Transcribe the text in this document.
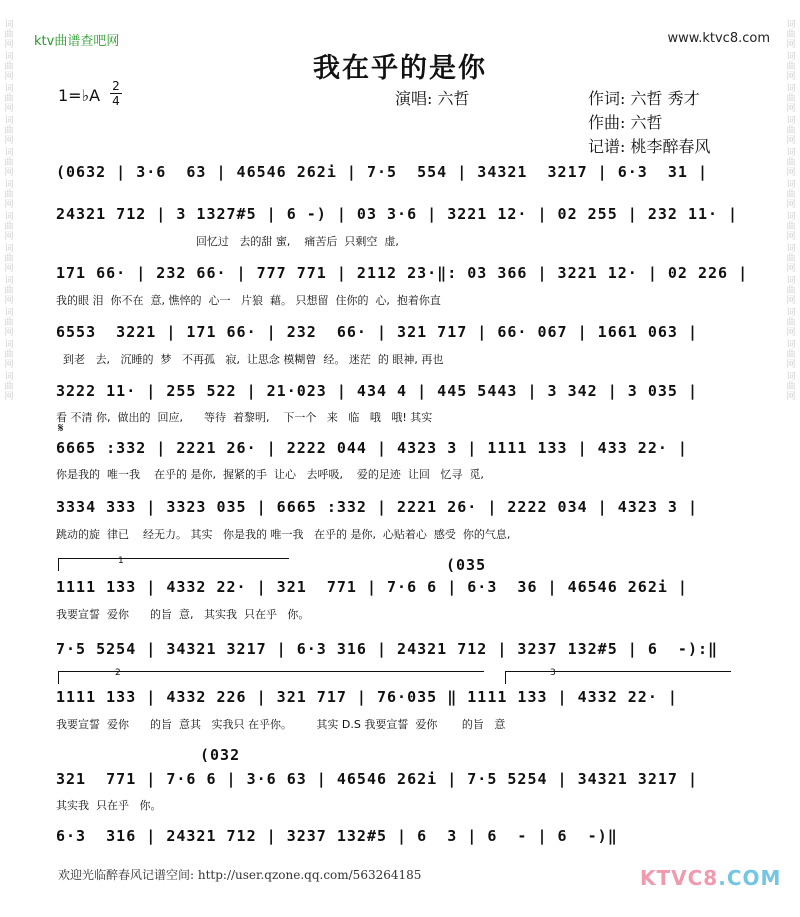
词曲网
词曲网
词曲网
词曲网
词曲网
词曲网
词曲网
词曲网
词曲网
词曲网
词曲网
词曲网
词曲网
词曲网
词曲网
词曲网
词曲网
词曲网
词曲网
词曲网
词曲网
词曲网
词曲网
词曲网
ktv曲谱查吧网	www.ktvc8.com
我在乎的是你
1=♭A 2
4	演唱: 六哲	作词: 六哲 秀才
作曲: 六哲
记谱: 桃李醉春风
(0632 | 3·6  63 | 46546 262i | 7·5  554 | 34321  3217 | 6·3  31 |
24321 712 | 3 1327#5 | 6 -) | 03 3·6 | 3221 12· | 02 255 | 232 11· |
回忆过   去的甜 蜜,    痛苦后  只剩空  虚,
171 66· | 232 66· | 777 771 | 2112 23·‖: 03 366 | 3221 12· | 02 226 |
我的眼 泪  你不在  意, 憔悴的  心一   片狼  藉。 只想留  住你的  心,  抱着你直
6553  3221 | 171 66· | 232  66· | 321 717 | 66· 067 | 1661 063 |
到老   去,   沉睡的  梦   不再孤   寂,  让思念 模糊曾  经。 迷茫  的 眼神, 再也
3222 11· | 255 522 | 21·023 | 434 4 | 445 5443 | 3 342 | 3 035 |
看 不清 你,  做出的  回应,      等待  着黎明,    下一个   来   临   哦   哦! 其实
𝄋
6665 :332 | 2221 26· | 2222 044 | 4323 3 | 1111 133 | 433 22· |
你是我的  唯一我    在乎的 是你,  握紧的手  让心   去呼吸,    爱的足迹  让回   忆寻  觅,
3334 333 | 3323 035 | 6665 :332 | 2221 26· | 2222 034 | 4323 3 |
跳动的旋  律已    经无力。 其实   你是我的 唯一我   在乎的 是你,  心贴着心  感受  你的气息,
1	(035
1111 133 | 4332 22· | 321  771 | 7·6 6 | 6·3  36 | 46546 262i |
我要宣誓  爱你      的旨  意,   其实我  只在乎   你。
7·5 5254 | 34321 3217 | 6·3 316 | 24321 712 | 3237 132#5 | 6  -):‖
2	3
1111 133 | 4332 226 | 321 717 | 76·035 ‖ 1111 133 | 4332 22· |
我要宣誓  爱你      的旨  意其   实我只 在乎你。       其实 D.S 我要宣誓  爱你       的旨   意
(032
321  771 | 7·6 6 | 3·6 63 | 46546 262i | 7·5 5254 | 34321 3217 |
其实我  只在乎   你。
6·3  316 | 24321 712 | 3237 132#5 | 6  3 | 6  - | 6  -)‖
欢迎光临醉春风记谱空间: http://user.qzone.qq.com/563264185	KTVC8.COM
